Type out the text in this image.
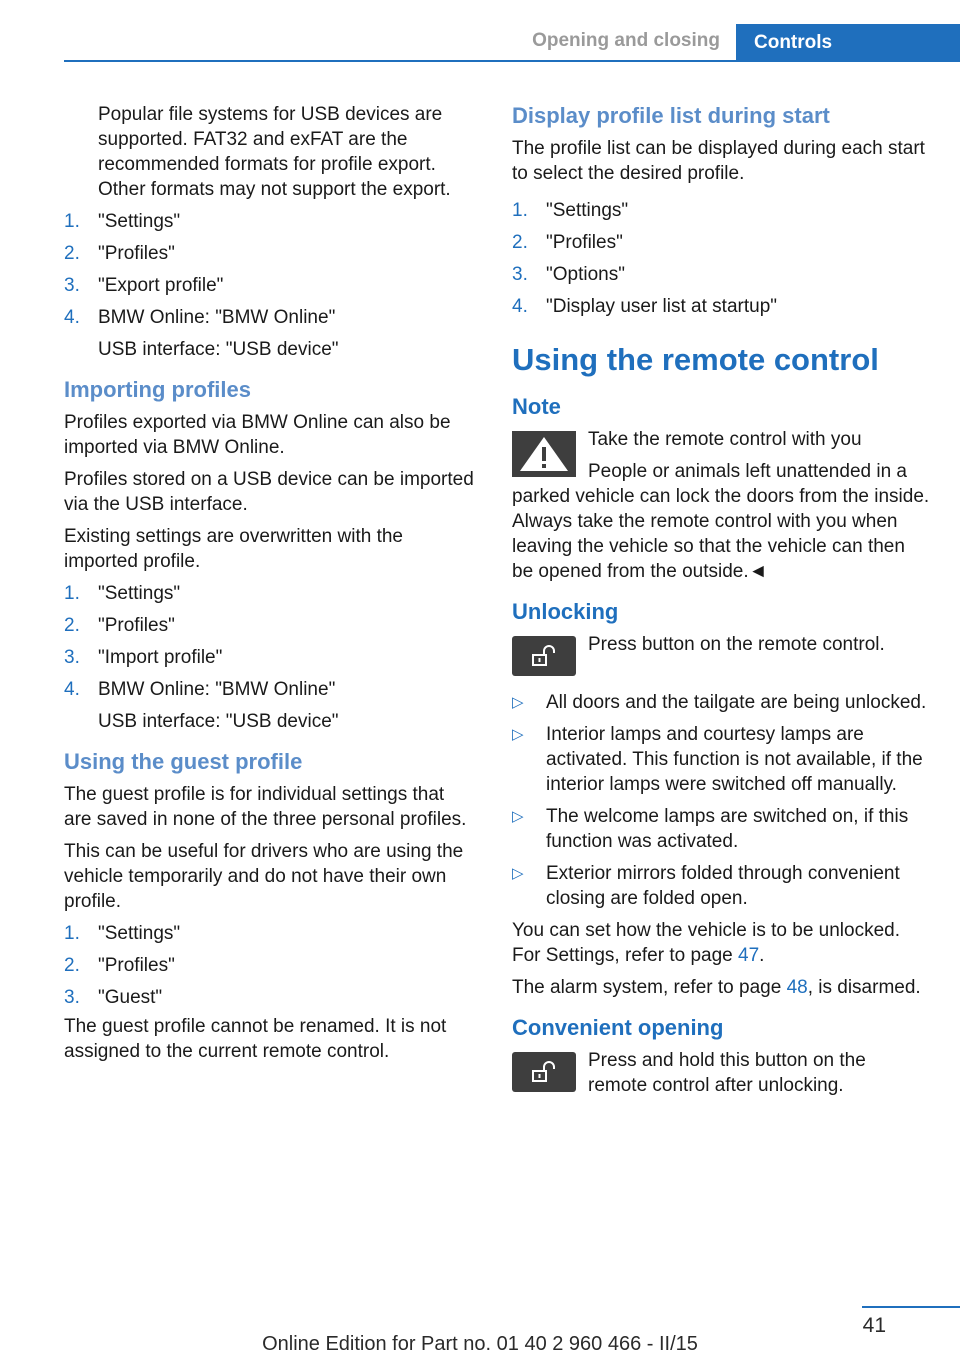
Opening and closing	Controls

Popular file systems for USB devices are supported. FAT32 and exFAT are the recommended formats for profile export. Other formats may not support the export.

1. "Settings"
2. "Profiles"
3. "Export profile"
4. BMW Online: "BMW Online"
USB interface: "USB device"
Importing profiles

Profiles exported via BMW Online can also be imported via BMW Online.

Profiles stored on a USB device can be imported via the USB interface.

Existing settings are overwritten with the imported profile.

1. "Settings"
2. "Profiles"
3. "Import profile"
4. BMW Online: "BMW Online"
USB interface: "USB device"
Using the guest profile

The guest profile is for individual settings that are saved in none of the three personal profiles.

This can be useful for drivers who are using the vehicle temporarily and do not have their own profile.

1. "Settings"
2. "Profiles"
3. "Guest"

The guest profile cannot be renamed. It is not assigned to the current remote control.

Display profile list during start

The profile list can be displayed during each start to select the desired profile.

1. "Settings"
2. "Profiles"
3. "Options"
4. "Display user list at startup"
Using the remote control
Note

Take the remote control with you

People or animals left unattended in a parked vehicle can lock the doors from the inside. Always take the remote control with you when leaving the vehicle so that the vehicle can then be opened from the outside.◄

Unlocking

Press button on the remote control.

▷ All doors and the tailgate are being unlocked.
▷ Interior lamps and courtesy lamps are activated. This function is not available, if the interior lamps were switched off manually.
▷ The welcome lamps are switched on, if this function was activated.
▷ Exterior mirrors folded through convenient closing are folded open.

You can set how the vehicle is to be unlocked. For Settings, refer to page 47.

The alarm system, refer to page 48, is disarmed.

Convenient opening

Press and hold this button on the remote control after unlocking.

41
Online Edition for Part no. 01 40 2 960 466 - II/15
